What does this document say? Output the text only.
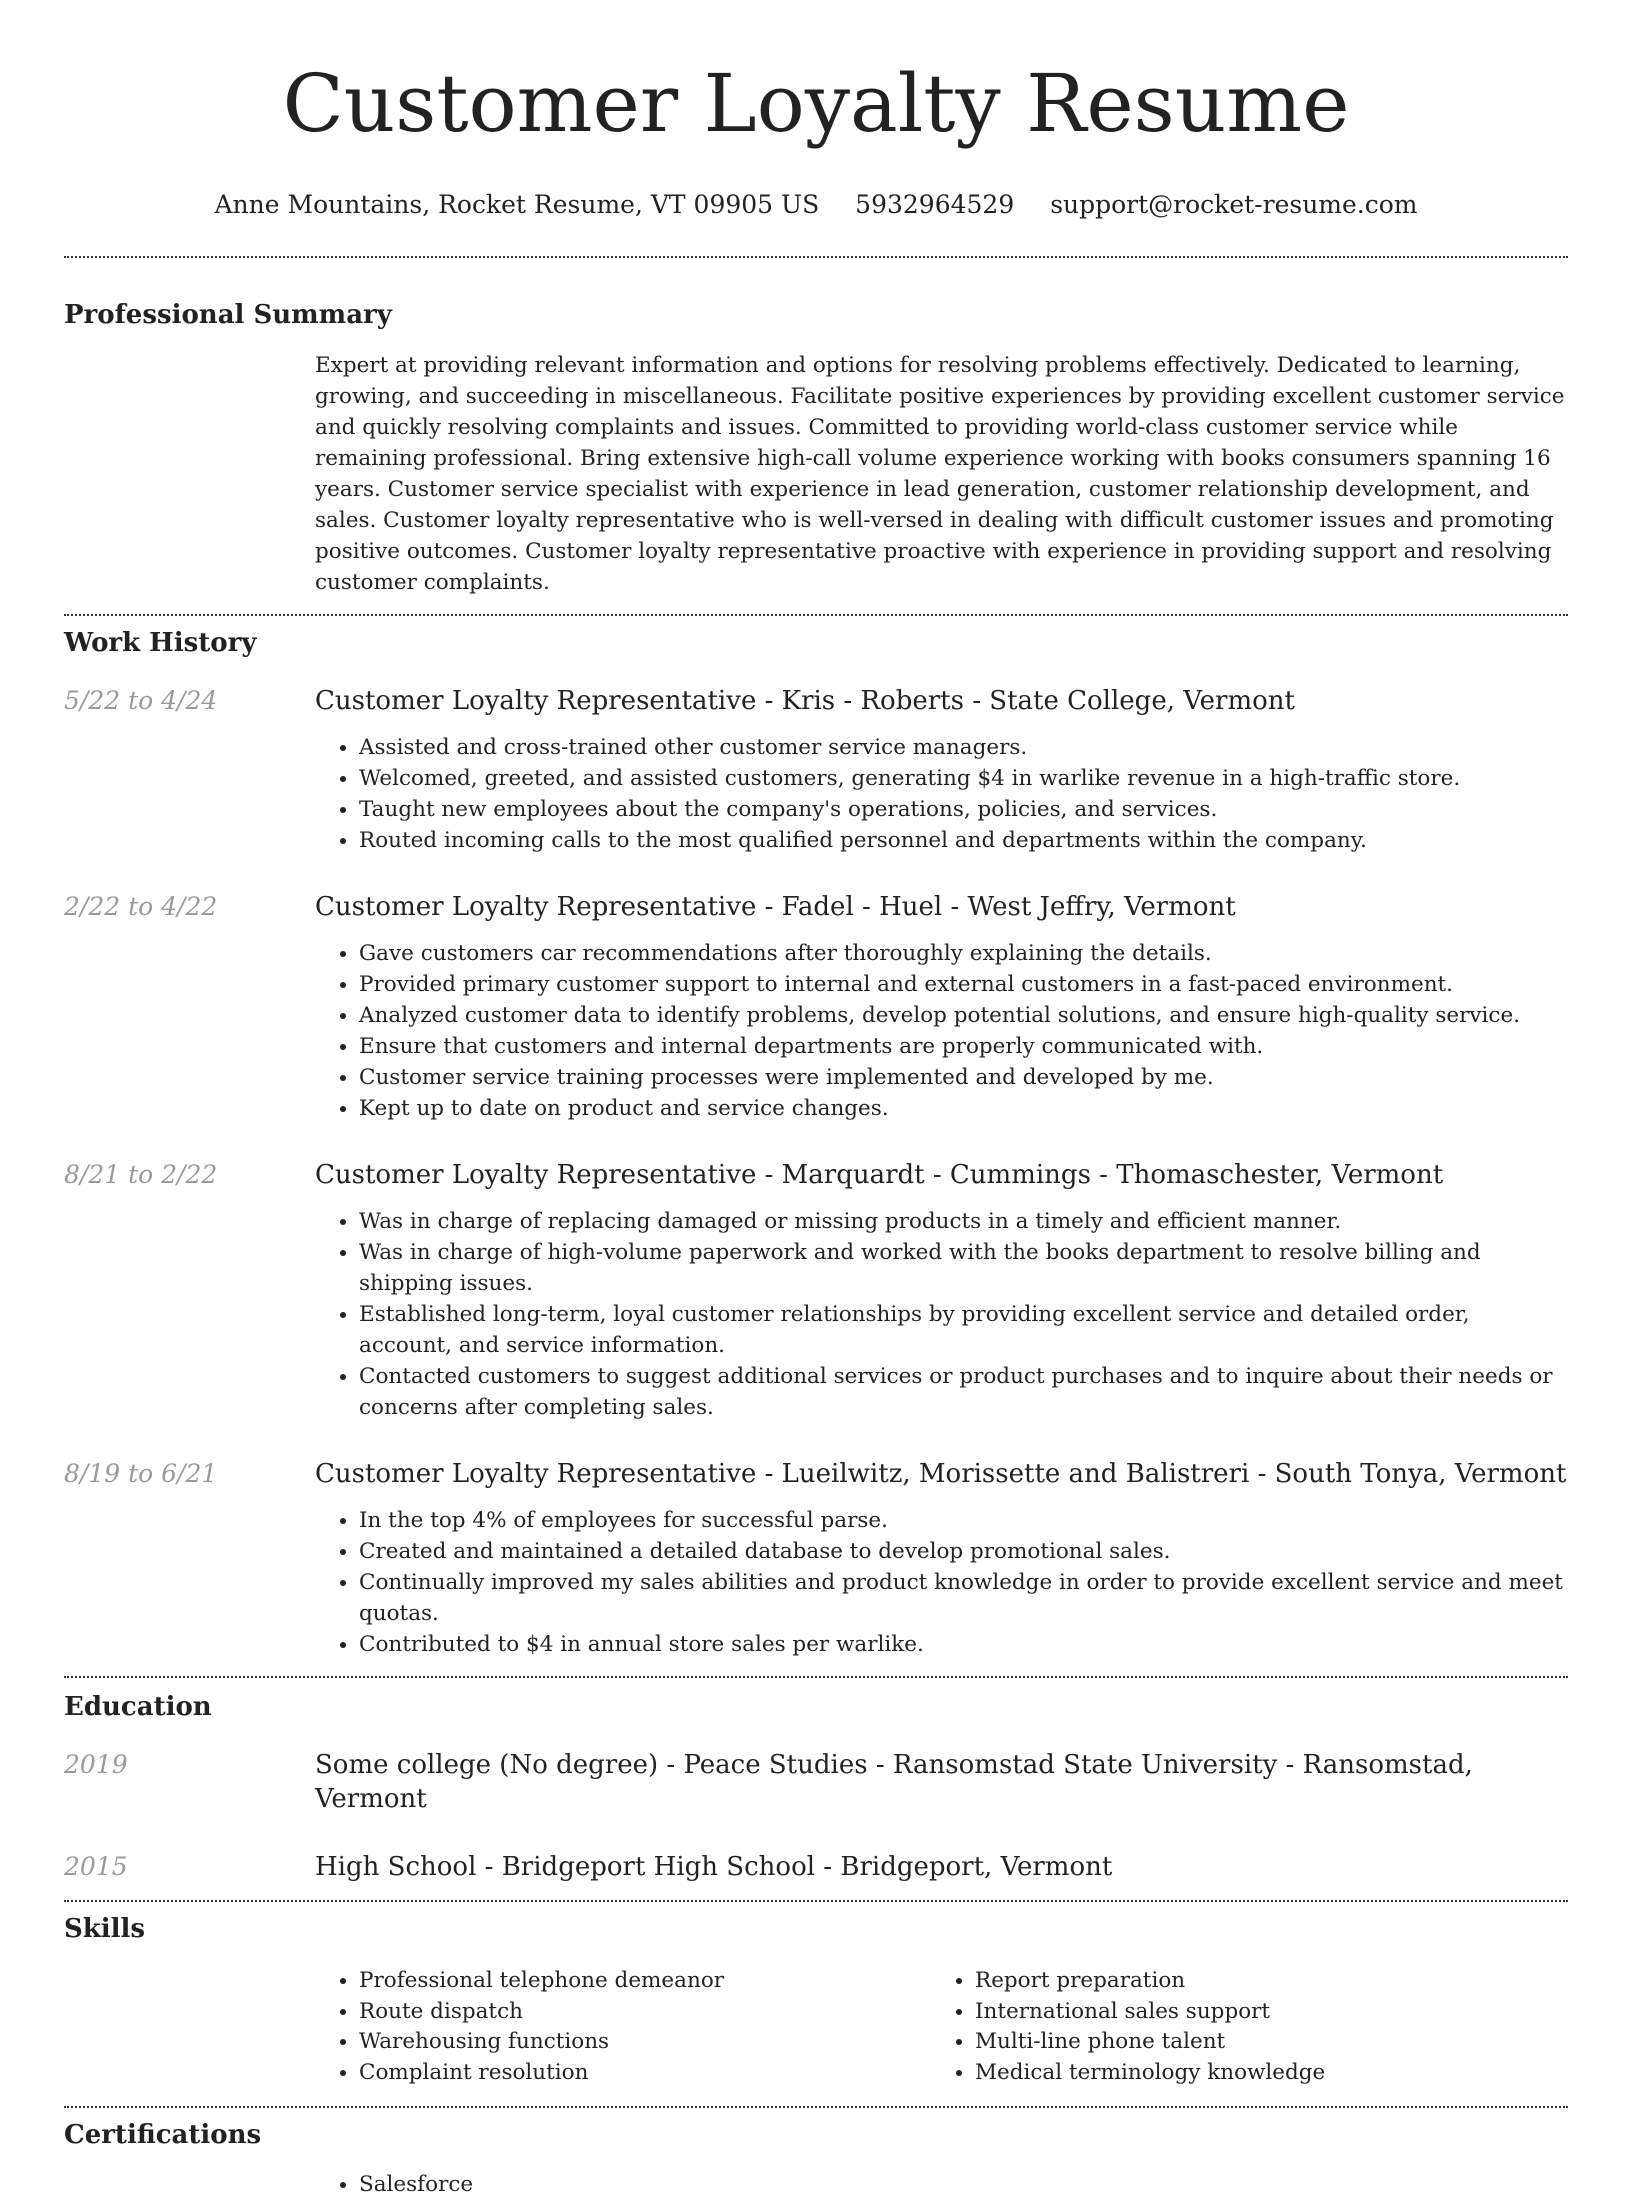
Customer Loyalty Resume
Anne Mountains, Rocket Resume, VT 09905 US 5932964529 support@rocket-resume.com
Professional Summary

Expert at providing relevant information and options for resolving problems effectively. Dedicated to learning, growing, and succeeding in miscellaneous. Facilitate positive experiences by providing excellent customer service and quickly resolving complaints and issues. Committed to providing world-class customer service while remaining professional. Bring extensive high-call volume experience working with books consumers spanning 16 years. Customer service specialist with experience in lead generation, customer relationship development, and sales. Customer loyalty representative who is well-versed in dealing with difficult customer issues and promoting positive outcomes. Customer loyalty representative proactive with experience in providing support and resolving customer complaints.

Work History
5/22 to 4/24	Customer Loyalty Representative - Kris - Roberts - State College, Vermont
• Assisted and cross-trained other customer service managers.
• Welcomed, greeted, and assisted customers, generating $4 in warlike revenue in a high-traffic store.
• Taught new employees about the company's operations, policies, and services.
• Routed incoming calls to the most qualified personnel and departments within the company.
2/22 to 4/22	Customer Loyalty Representative - Fadel - Huel - West Jeffry, Vermont
• Gave customers car recommendations after thoroughly explaining the details.
• Provided primary customer support to internal and external customers in a fast-paced environment.
• Analyzed customer data to identify problems, develop potential solutions, and ensure high-quality service.
• Ensure that customers and internal departments are properly communicated with.
• Customer service training processes were implemented and developed by me.
• Kept up to date on product and service changes.
8/21 to 2/22	Customer Loyalty Representative - Marquardt - Cummings - Thomaschester, Vermont
• Was in charge of replacing damaged or missing products in a timely and efficient manner.
• Was in charge of high-volume paperwork and worked with the books department to resolve billing and shipping issues.
• Established long-term, loyal customer relationships by providing excellent service and detailed order, account, and service information.
• Contacted customers to suggest additional services or product purchases and to inquire about their needs or concerns after completing sales.
8/19 to 6/21	Customer Loyalty Representative - Lueilwitz, Morissette and Balistreri - South Tonya, Vermont
• In the top 4% of employees for successful parse.
• Created and maintained a detailed database to develop promotional sales.
• Continually improved my sales abilities and product knowledge in order to provide excellent service and meet quotas.
• Contributed to $4 in annual store sales per warlike.
Education
2019	Some college (No degree) - Peace Studies - Ransomstad State University - Ransomstad, Vermont
2015	High School - Bridgeport High School - Bridgeport, Vermont
Skills
• Professional telephone demeanor
• Route dispatch
• Warehousing functions
• Complaint resolution
• Report preparation
• International sales support
• Multi-line phone talent
• Medical terminology knowledge
Certifications
• Salesforce
